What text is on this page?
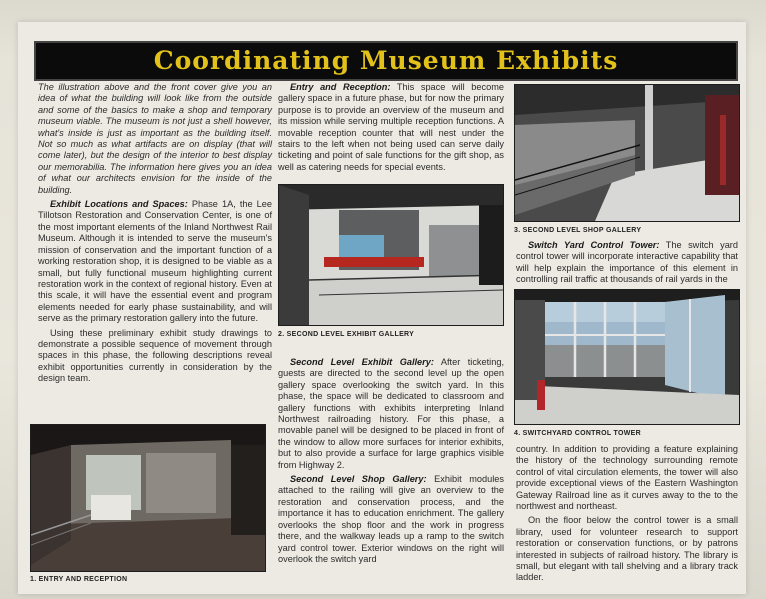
Coordinating Museum Exhibits

The illustration above and the front cover give you an idea of what the building will look like from the outside and some of the basics to make a shop and temporary museum viable. The museum is not just a shell however, what's inside is just as important as the building itself. Not so much as what artifacts are on display (that will come later), but the design of the interior to best display our memorabilia. The information here gives you an idea of what our architects envision for the inside of the building.

Exhibit Locations and Spaces: Phase 1A, the Lee Tillotson Restoration and Conservation Center, is one of the most important elements of the Inland Northwest Rail Museum. Although it is intended to serve the museum's mission of conservation and the important function of a working restoration shop, it is designed to be viable as a small, but fully functional museum highlighting current restoration work in the context of regional history. Even at this scale, it will have the essential event and program elements needed for early phase sustainability, and will serve as the primary restoration gallery into the future.

Using these preliminary exhibit study drawings to demonstrate a possible sequence of movement through spaces in this phase, the following descriptions reveal exhibit opportunities currently in consideration by the design team.

1. ENTRY AND RECEPTION

Entry and Reception: This space will become gallery space in a future phase, but for now the primary purpose is to provide an overview of the museum and its mission while serving multiple reception functions. A movable reception counter that will nest under the stairs to the left when not being used can serve daily ticketing and point of sale functions for the gift shop, as well as catering needs for special events.

2. SECOND LEVEL EXHIBIT GALLERY

Second Level Exhibit Gallery: After ticketing, guests are directed to the second level up the open gallery space overlooking the switch yard. In this phase, the space will be dedicated to classroom and gallery functions with exhibits interpreting Inland Northwest railroading history. For this phase, a movable panel will be designed to be placed in front of the window to allow more surfaces for interior exhibits, but to also provide a surface for large graphics visible from Highway 2.

Second Level Shop Gallery: Exhibit modules attached to the railing will give an overview to the restoration and conservation process, and the importance it has to education enrichment. The gallery overlooks the shop floor and the work in progress there, and the walkway leads up a ramp to the switch yard control tower. Exterior windows on the right will overlook the switch yard

3. SECOND LEVEL SHOP GALLERY

Switch Yard Control Tower: The switch yard control tower will incorporate interactive capability that will help explain the importance of this element in controlling rail traffic at thousands of rail yards in the

4. SWITCHYARD CONTROL TOWER

country. In addition to providing a feature explaining the history of the technology surrounding remote control of vital circulation elements, the tower will also provide exceptional views of the Eastern Washington Gateway Railroad line as it curves away to the to the northwest and northeast.

On the floor below the control tower is a small library, used for volunteer research to support restoration or conservation functions, or by patrons interested in subjects of railroad history. The library is small, but elegant with tall shelving and a library track ladder.
